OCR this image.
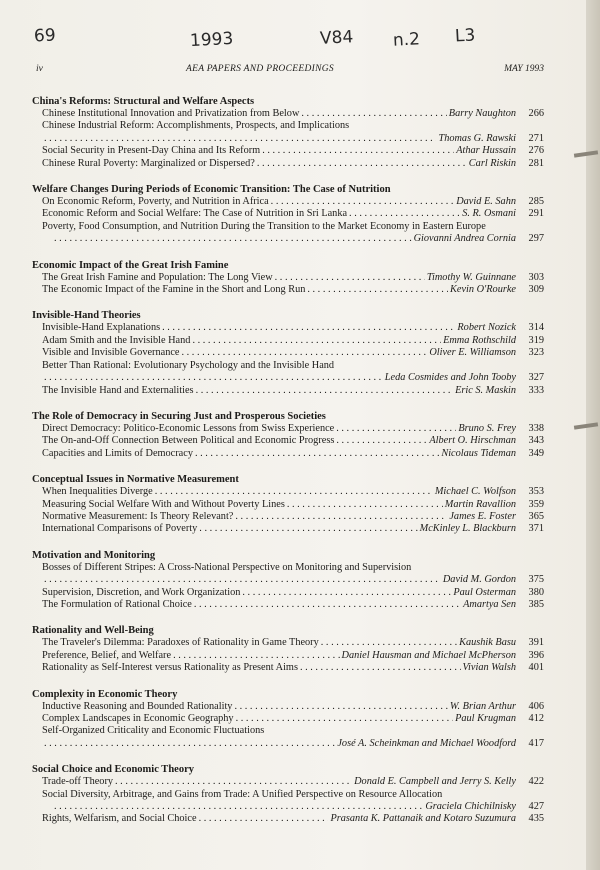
69	1993	V84 n.2 L3
iv	AEA PAPERS AND PROCEEDINGS	MAY 1993
China's Reforms: Structural and Welfare Aspects
Chinese Institutional Innovation and Privatization from Below . . .	Barry Naughton	266
Chinese Industrial Reform: Accomplishments, Prospects, and Implications
. . .
Thomas G. Rawski	271
Social Security in Present-Day China and Its Reform . . .	Athar Hussain	276
Chinese Rural Poverty: Marginalized or Dispersed? . . .	Carl Riskin	281
Welfare Changes During Periods of Economic Transition: The Case of Nutrition
On Economic Reform, Poverty, and Nutrition in Africa . . .	David E. Sahn	285
Economic Reform and Social Welfare: The Case of Nutrition in Sri Lanka . . .	S. R. Osmani	291
Poverty, Food Consumption, and Nutrition During the Transition to the Market Economy in Eastern Europe
. . .
Giovanni Andrea Cornia	297
Economic Impact of the Great Irish Famine
The Great Irish Famine and Population: The Long View . . .	Timothy W. Guinnane	303
The Economic Impact of the Famine in the Short and Long Run . . .	Kevin O'Rourke	309
Invisible-Hand Theories
Invisible-Hand Explanations . . .	Robert Nozick	314
Adam Smith and the Invisible Hand . . .	Emma Rothschild	319
Visible and Invisible Governance . . .	Oliver E. Williamson	323
Better Than Rational: Evolutionary Psychology and the Invisible Hand
. . .
Leda Cosmides and John Tooby	327
The Invisible Hand and Externalities . . .	Eric S. Maskin	333
The Role of Democracy in Securing Just and Prosperous Societies
Direct Democracy: Politico-Economic Lessons from Swiss Experience . . .	Bruno S. Frey	338
The On-and-Off Connection Between Political and Economic Progress . . .	Albert O. Hirschman	343
Capacities and Limits of Democracy . . .	Nicolaus Tideman	349
Conceptual Issues in Normative Measurement
When Inequalities Diverge . . .	Michael C. Wolfson	353
Measuring Social Welfare With and Without Poverty Lines . . .	Martin Ravallion	359
Normative Measurement: Is Theory Relevant? . . .	James E. Foster	365
International Comparisons of Poverty . . .	McKinley L. Blackburn	371
Motivation and Monitoring
Bosses of Different Stripes: A Cross-National Perspective on Monitoring and Supervision
. . .
David M. Gordon	375
Supervision, Discretion, and Work Organization . . .	Paul Osterman	380
The Formulation of Rational Choice . . .	Amartya Sen	385
Rationality and Well-Being
The Traveler's Dilemma: Paradoxes of Rationality in Game Theory . . .	Kaushik Basu	391
Preference, Belief, and Welfare . . .	Daniel Hausman and Michael McPherson	396
Rationality as Self-Interest versus Rationality as Present Aims . . .	Vivian Walsh	401
Complexity in Economic Theory
Inductive Reasoning and Bounded Rationality . . .	W. Brian Arthur	406
Complex Landscapes in Economic Geography . . .	Paul Krugman	412
Self-Organized Criticality and Economic Fluctuations
. . .
José A. Scheinkman and Michael Woodford	417
Social Choice and Economic Theory
Trade-off Theory . . .	Donald E. Campbell and Jerry S. Kelly	422
Social Diversity, Arbitrage, and Gains from Trade: A Unified Perspective on Resource Allocation
. . .
Graciela Chichilnisky	427
Rights, Welfarism, and Social Choice . . .	Prasanta K. Pattanaik and Kotaro Suzumura	435
